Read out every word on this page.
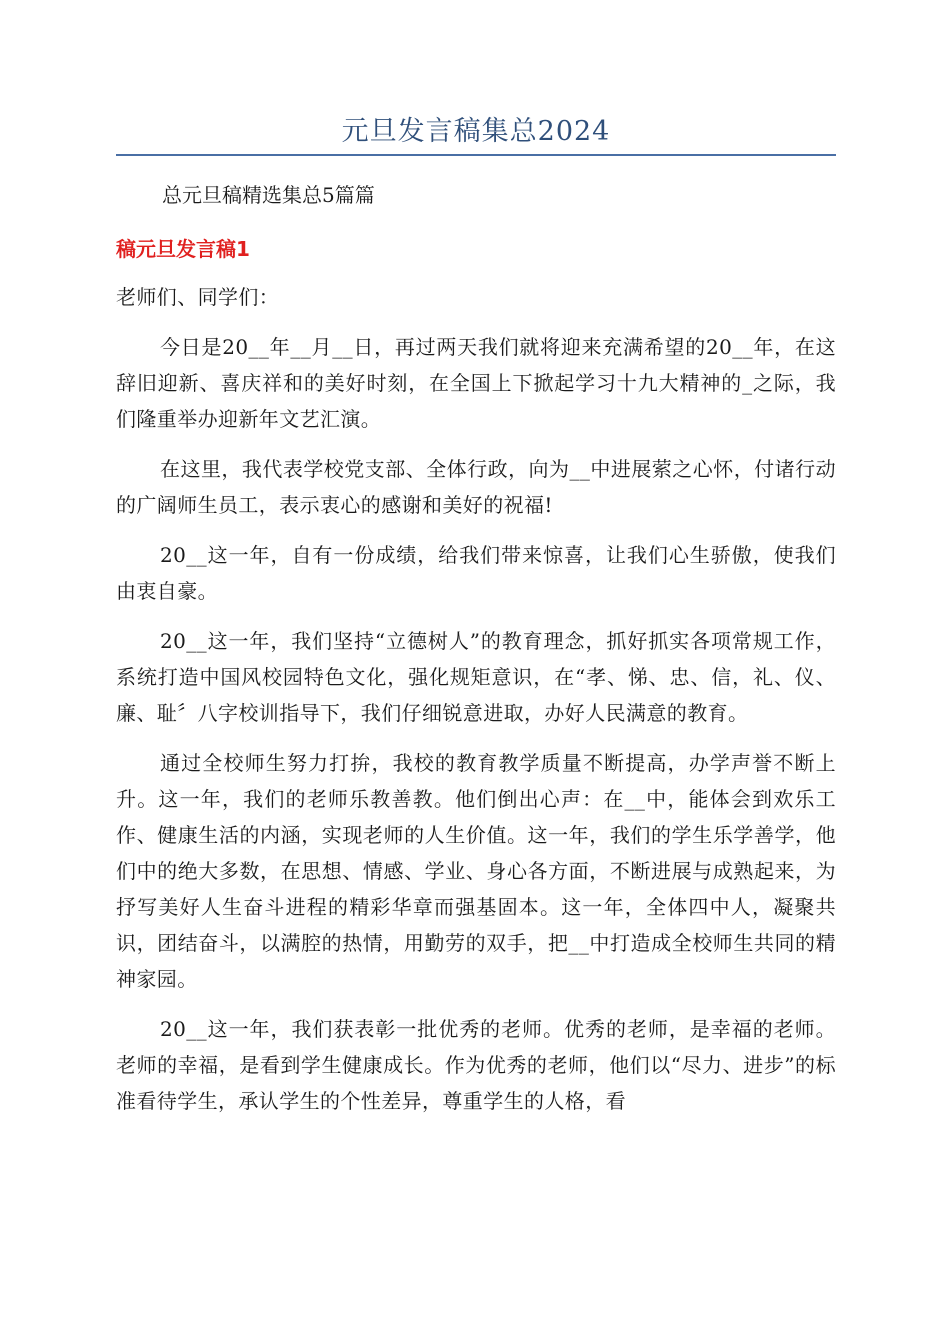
元旦发言稿集总2024
总元旦稿精选集总5篇篇
稿元旦发言稿1

老师们、同学们：

今日是20__年__月__日，再过两天我们就将迎来充满希望的20__年，在这辞旧迎新、喜庆祥和的美好时刻，在全国上下掀起学习十九大精神的_之际，我们隆重举办迎新年文艺汇演。

在这里，我代表学校党支部、全体行政，向为__中进展萦之心怀，付诸行动的广阔师生员工，表示衷心的感谢和美好的祝福!

20__这一年，自有一份成绩，给我们带来惊喜，让我们心生骄傲，使我们由衷自豪。

20__这一年，我们坚持“立德树人”的教育理念，抓好抓实各项常规工作，系统打造中国风校园特色文化，强化规矩意识，在“孝、悌、忠、信，礼、仪、廉、耻〞八字校训指导下，我们仔细锐意进取，办好人民满意的教育。

通过全校师生努力打拚，我校的教育教学质量不断提高，办学声誉不断上升。这一年，我们的老师乐教善教。他们倒出心声：在__中，能体会到欢乐工作、健康生活的内涵，实现老师的人生价值。这一年，我们的学生乐学善学，他们中的绝大多数，在思想、情感、学业、身心各方面，不断进展与成熟起来，为抒写美好人生奋斗进程的精彩华章而强基固本。这一年，全体四中人，凝聚共识，团结奋斗，以满腔的热情，用勤劳的双手，把__中打造成全校师生共同的精神家园。

20__这一年，我们获表彰一批优秀的老师。优秀的老师，是幸福的老师。老师的幸福，是看到学生健康成长。作为优秀的老师，他们以“尽力、进步”的标准看待学生，承认学生的个性差异，尊重学生的人格，看
